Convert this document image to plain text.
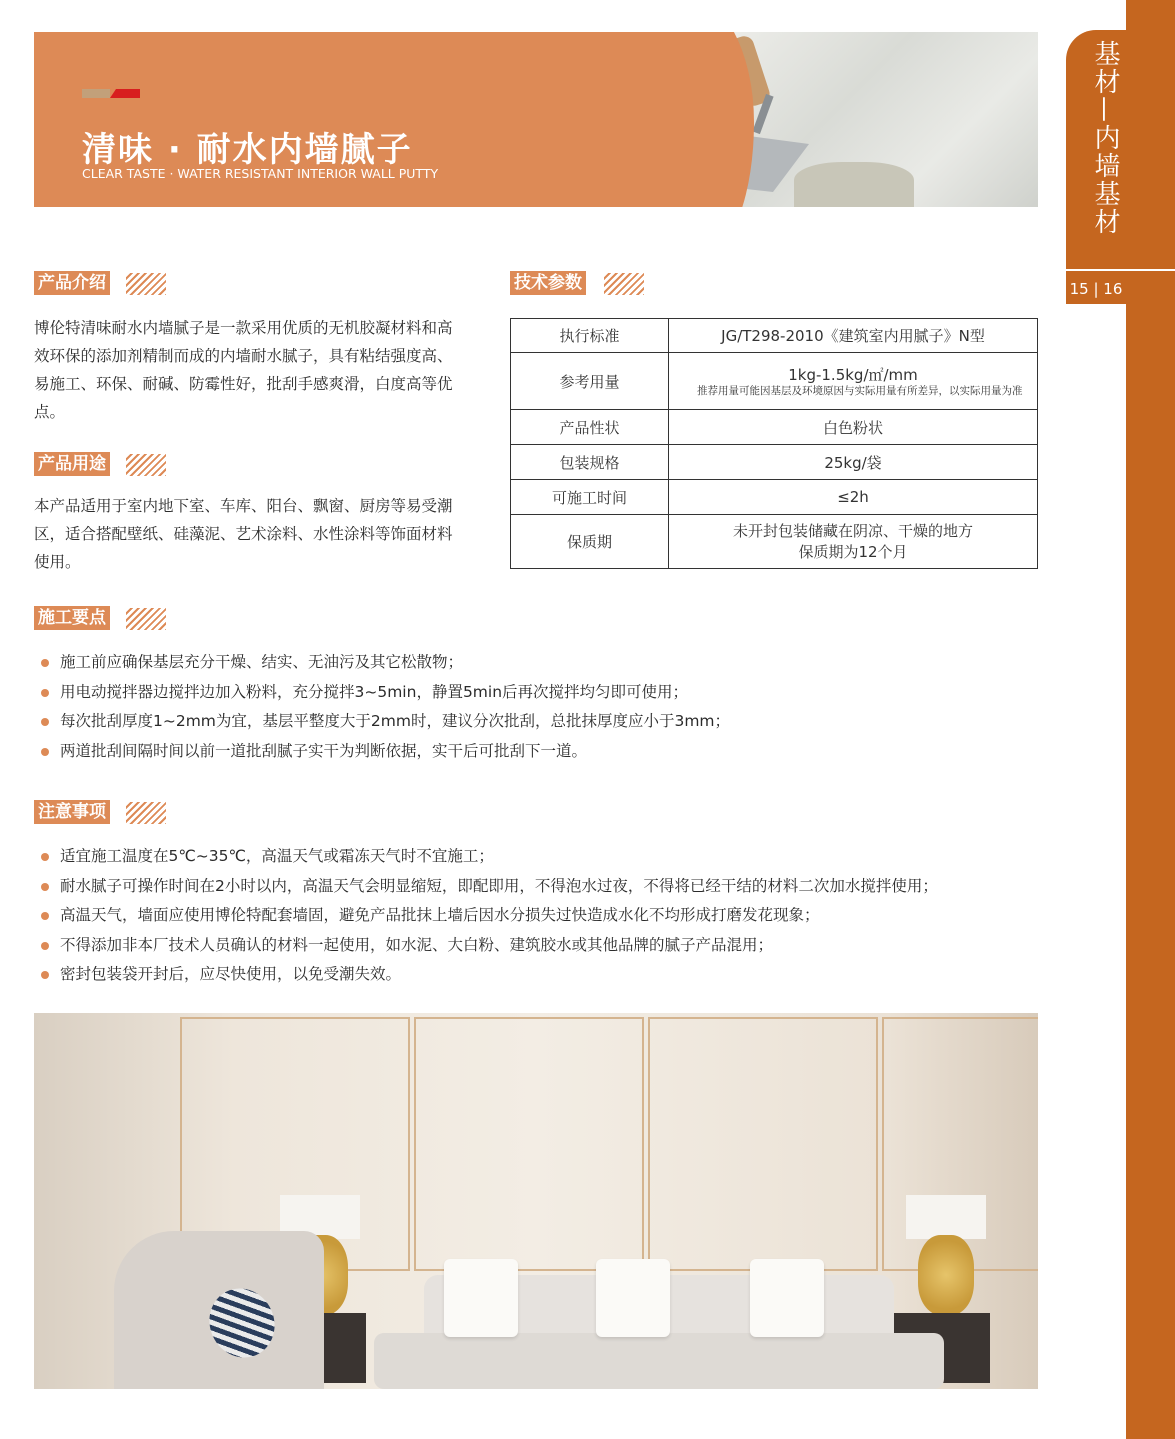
基材—内墙基材
15 | 16
清味 · 耐水内墙腻子
CLEAR TASTE · WATER RESISTANT INTERIOR WALL PUTTY
产品介绍
博伦特清味耐水内墙腻子是一款采用优质的无机胶凝材料和高效环保的添加剂精制而成的内墙耐水腻子，具有粘结强度高、易施工、环保、耐碱、防霉性好，批刮手感爽滑，白度高等优点。
产品用途
本产品适用于室内地下室、车库、阳台、飘窗、厨房等易受潮区，适合搭配壁纸、硅藻泥、艺术涂料、水性涂料等饰面材料使用。
技术参数
执行标准	JG/T298-2010《建筑室内用腻子》N型
参考用量	1kg-1.5kg/㎡/mm
推荐用量可能因基层及环境原因与实际用量有所差异，以实际用量为准

产品性状	白色粉状
包装规格	25kg/袋
可施工时间	≤2h
保质期	未开封包装储藏在阴凉、干燥的地方
保质期为12个月
施工要点
施工前应确保基层充分干燥、结实、无油污及其它松散物；
用电动搅拌器边搅拌边加入粉料，充分搅拌3~5min，静置5min后再次搅拌均匀即可使用；
每次批刮厚度1~2mm为宜，基层平整度大于2mm时，建议分次批刮，总批抹厚度应小于3mm；
两道批刮间隔时间以前一道批刮腻子实干为判断依据，实干后可批刮下一道。
注意事项
适宜施工温度在5℃~35℃，高温天气或霜冻天气时不宜施工；
耐水腻子可操作时间在2小时以内，高温天气会明显缩短，即配即用，不得泡水过夜，不得将已经干结的材料二次加水搅拌使用；
高温天气，墙面应使用博伦特配套墙固，避免产品批抹上墙后因水分损失过快造成水化不均形成打磨发花现象；
不得添加非本厂技术人员确认的材料一起使用，如水泥、大白粉、建筑胶水或其他品牌的腻子产品混用；
密封包装袋开封后，应尽快使用，以免受潮失效。
